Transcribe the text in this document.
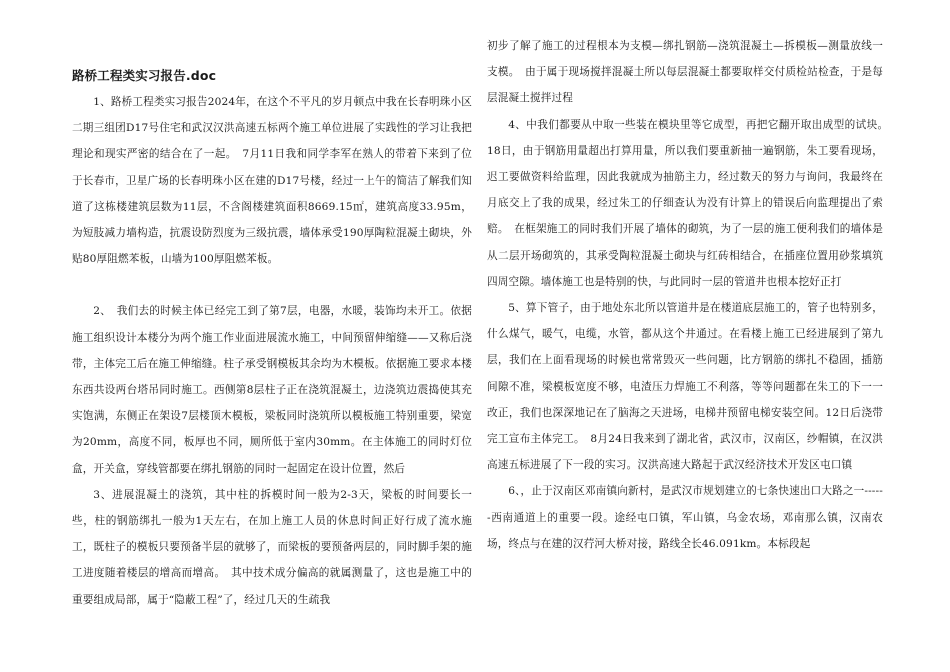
路桥工程类实习报告.doc

1、路桥工程类实习报告2024年，在这个不平凡的岁月顿点中我在长春明珠小区二期三组团D17号住宅和武汉汉洪高速五标两个施工单位进展了实践性的学习让我把理论和现实严密的结合在了一起。　7月11日我和同学李军在熟人的带着下来到了位于长春市，卫星广场的长春明珠小区在建的D17号楼，经过一上午的简洁了解我们知道了这栋楼建筑层数为11层，不含阁楼建筑面积8669.15㎡，建筑高度33.95m，为短肢减力墙构造，抗震设防烈度为三级抗震，墙体承受190厚陶粒混凝土砌块，外贴80厚阻燃苯板，山墙为100厚阻燃苯板。

2、　我们去的时候主体已经完工到了第7层，电器，水暖，装饰均未开工。依据施工组织设计本楼分为两个施工作业面进展流水施工，中间预留伸缩缝——又称后浇带，主体完工后在施工伸缩缝。柱子承受钢模板其余均为木模板。依据施工要求本楼东西共设两台塔吊同时施工。西侧第8层柱子正在浇筑混凝土，边浇筑边震捣使其充实饱满，东侧正在架设7层楼顶木模板，梁板同时浇筑所以模板施工特别重要，梁宽为20mm，高度不同，板厚也不同，厕所低于室内30mm。在主体施工的同时灯位盒，开关盒，穿线管都要在绑扎钢筋的同时一起固定在设计位置，然后

3、进展混凝土的浇筑，其中柱的拆模时间一般为2-3天，梁板的时间要长一些，柱的钢筋绑扎一般为1天左右，在加上施工人员的休息时间正好行成了流水施工，既柱子的模板只要预备半层的就够了，而梁板的要预备两层的，同时脚手架的施工进度随着楼层的增高而增高。　其中技术成分偏高的就属测量了，这也是施工中的重要组成局部，属于“隐蔽工程”了，经过几天的生疏我

初步了解了施工的过程根本为支模—绑扎钢筋—浇筑混凝土—拆模板—测量放线一支模。　由于属于现场搅拌混凝土所以每层混凝土都要取样交付质检站检查，于是每层混凝土搅拌过程

4、中我们都要从中取一些装在模块里等它成型，再把它翻开取出成型的试块。　18日，由于钢筋用量超出打算用量，所以我们要重新抽一遍钢筋，朱工要看现场，迟工要做资料给监理，因此我就成为抽筋主力，经过数天的努力与询问，我最终在月底交上了我的成果，经过朱工的仔细查认为没有计算上的错误后向监理提出了索赔。　在框架施工的同时我们开展了墙体的砌筑，为了一层的施工便利我们的墙体是从二层开场砌筑的，其承受陶粒混凝土砌块与红砖相结合，在插座位置用砂浆填筑四周空隙。墙体施工也是特别的快，与此同时一层的管道井也根本挖好正打

5、算下管子，由于地处东北所以管道井是在楼道底层施工的，管子也特别多，什么煤气，暖气，电缆，水管，都从这个井通过。在看楼上施工已经进展到了第九层，我们在上面看现场的时候也常常毁灭一些问题，比方钢筋的绑扎不稳固，插筋间隙不准，梁模板宽度不够，电渣压力焊施工不利落，等等问题都在朱工的下一一改正，我们也深深地记在了脑海之天进场，电梯井预留电梯安装空间。12日后浇带完工宣布主体完工。　8月24日我来到了湖北省，武汉市，汉南区，纱帽镇，在汉洪高速五标进展了下一段的实习。汉洪高速大路起于武汉经济技术开发区屯口镇

6、，止于汉南区邓南镇向新村，是武汉市规划建立的七条快速出口大路之一------西南通道上的重要一段。途经屯口镇，军山镇，乌金农场，邓南那么镇，汉南农场，终点与在建的汉荇河大桥对接，路线全长46.091km。本标段起
